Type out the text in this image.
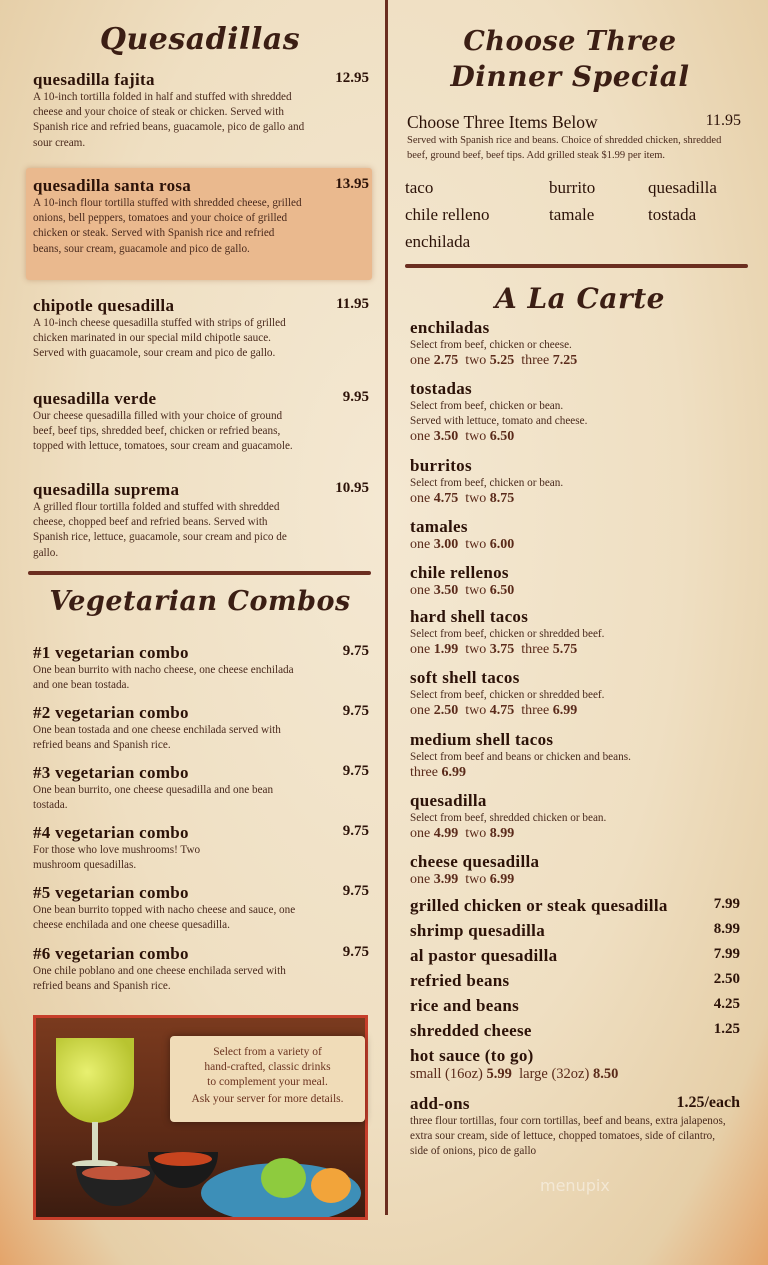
Quesadillas
quesadilla fajita	12.95
A 10-inch tortilla folded in half and stuffed with shredded cheese and your choice of steak or chicken. Served with Spanish rice and refried beans, guacamole, pico de gallo and sour cream.
quesadilla santa rosa	13.95
A 10-inch flour tortilla stuffed with shredded cheese, grilled onions, bell peppers, tomatoes and your choice of grilled chicken or steak. Served with Spanish rice and refried beans, sour cream, guacamole and pico de gallo.
chipotle quesadilla	11.95
A 10-inch cheese quesadilla stuffed with strips of grilled chicken marinated in our special mild chipotle sauce. Served with guacamole, sour cream and pico de gallo.
quesadilla verde	9.95
Our cheese quesadilla filled with your choice of ground beef, beef tips, shredded beef, chicken or refried beans, topped with lettuce, tomatoes, sour cream and guacamole.
quesadilla suprema	10.95
A grilled flour tortilla folded and stuffed with shredded cheese, chopped beef and refried beans. Served with Spanish rice, lettuce, guacamole, sour cream and pico de gallo.
Vegetarian Combos
#1 vegetarian combo	9.75
One bean burrito with nacho cheese, one cheese enchilada and one bean tostada.
#2 vegetarian combo	9.75
One bean tostada and one cheese enchilada served with refried beans and Spanish rice.
#3 vegetarian combo	9.75
One bean burrito, one cheese quesadilla and one bean tostada.
#4 vegetarian combo	9.75
For those who love mushrooms! Two mushroom quesadillas.
#5 vegetarian combo	9.75
One bean burrito topped with nacho cheese and sauce, one cheese enchilada and one cheese quesadilla.
#6 vegetarian combo	9.75
One chile poblano and one cheese enchilada served with refried beans and Spanish rice.
Select from a variety of
hand-crafted, classic drinks
to complement your meal.
Ask your server for more details.
Choose Three
Dinner Special
Choose Three Items Below	11.95
Served with Spanish rice and beans. Choice of shredded chicken, shredded beef, ground beef, beef tips. Add grilled steak $1.99 per item.
taco	burrito	quesadilla
chile relleno	tamale	tostada
enchilada
A La Carte
enchiladas
Select from beef, chicken or cheese.
one 2.75 two 5.25 three 7.25
tostadas
Select from beef, chicken or bean.
Served with lettuce, tomato and cheese.
one 3.50 two 6.50
burritos
Select from beef, chicken or bean.
one 4.75 two 8.75
tamales
one 3.00 two 6.00
chile rellenos
one 3.50 two 6.50
hard shell tacos
Select from beef, chicken or shredded beef.
one 1.99 two 3.75 three 5.75
soft shell tacos
Select from beef, chicken or shredded beef.
one 2.50 two 4.75 three 6.99
medium shell tacos
Select from beef and beans or chicken and beans.
three 6.99
quesadilla
Select from beef, shredded chicken or bean.
one 4.99 two 8.99
cheese quesadilla
one 3.99 two 6.99
grilled chicken or steak quesadilla	7.99
shrimp quesadilla	8.99
al pastor quesadilla	7.99
refried beans	2.50
rice and beans	4.25
shredded cheese	1.25
hot sauce (to go)
small (16oz) 5.99 large (32oz) 8.50
add-ons	1.25/each
three flour tortillas, four corn tortillas, beef and beans, extra jalapenos, extra sour cream, side of lettuce, chopped tomatoes, side of cilantro, side of onions, pico de gallo
menupix
